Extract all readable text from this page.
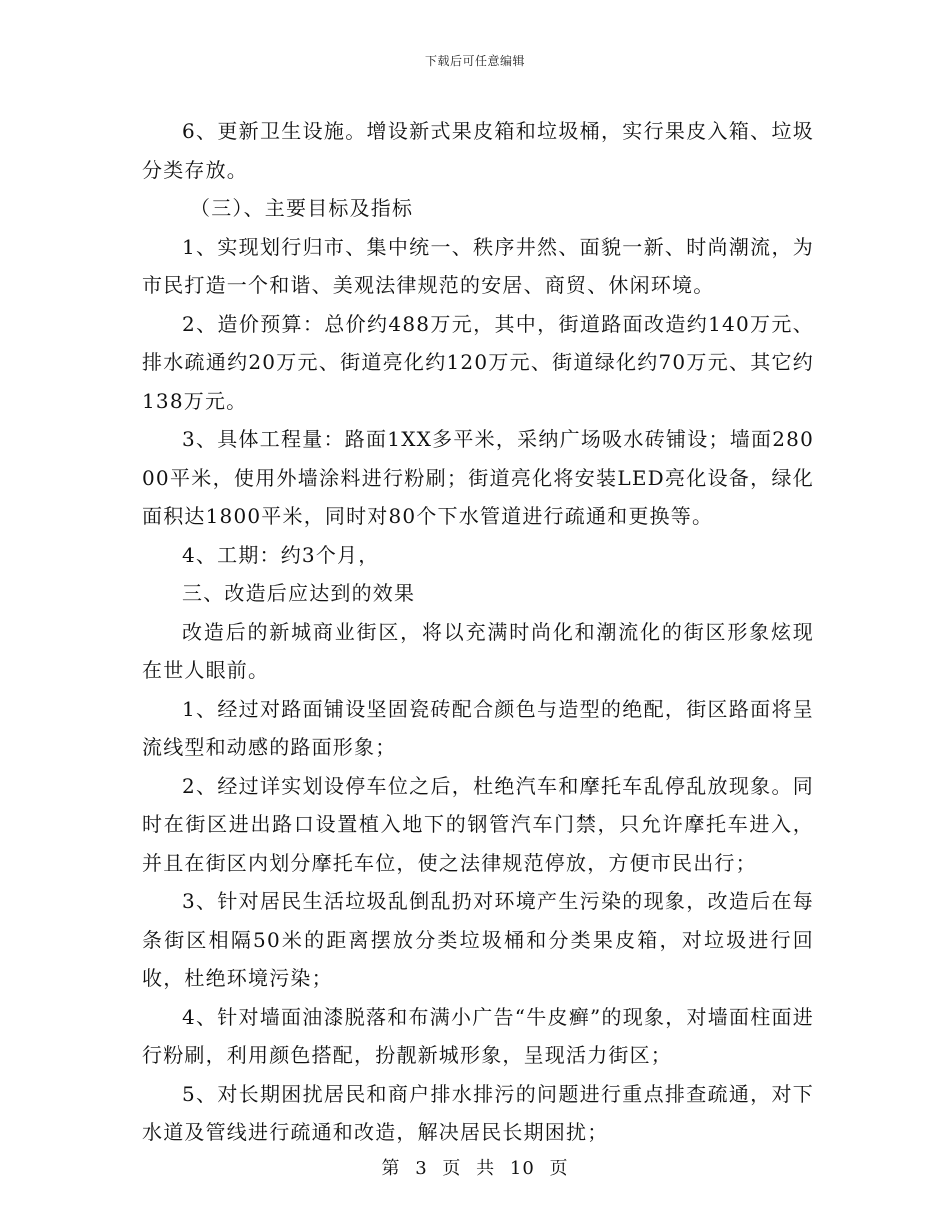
下载后可任意编辑

6、更新卫生设施。增设新式果皮箱和垃圾桶，实行果皮入箱、垃圾分类存放。

（三）、主要目标及指标

1、实现划行归市、集中统一、秩序井然、面貌一新、时尚潮流，为市民打造一个和谐、美观法律规范的安居、商贸、休闲环境。

2、造价预算：总价约488万元，其中，街道路面改造约140万元、排水疏通约20万元、街道亮化约120万元、街道绿化约70万元、其它约138万元。

3、具体工程量：路面1XX多平米，采纳广场吸水砖铺设；墙面28000平米，使用外墙涂料进行粉刷；街道亮化将安装LED亮化设备，绿化面积达1800平米，同时对80个下水管道进行疏通和更换等。

4、工期：约3个月，

三、改造后应达到的效果

改造后的新城商业街区，将以充满时尚化和潮流化的街区形象炫现在世人眼前。

1、经过对路面铺设坚固瓷砖配合颜色与造型的绝配，街区路面将呈流线型和动感的路面形象；

2、经过详实划设停车位之后，杜绝汽车和摩托车乱停乱放现象。同时在街区进出路口设置植入地下的钢管汽车门禁，只允许摩托车进入，并且在街区内划分摩托车位，使之法律规范停放，方便市民出行；

3、针对居民生活垃圾乱倒乱扔对环境产生污染的现象，改造后在每条街区相隔50米的距离摆放分类垃圾桶和分类果皮箱，对垃圾进行回收，杜绝环境污染；

4、针对墙面油漆脱落和布满小广告“牛皮癣”的现象，对墙面柱面进行粉刷，利用颜色搭配，扮靓新城形象，呈现活力街区；

5、对长期困扰居民和商户排水排污的问题进行重点排查疏通，对下水道及管线进行疏通和改造，解决居民长期困扰；

第 3 页 共 10 页
